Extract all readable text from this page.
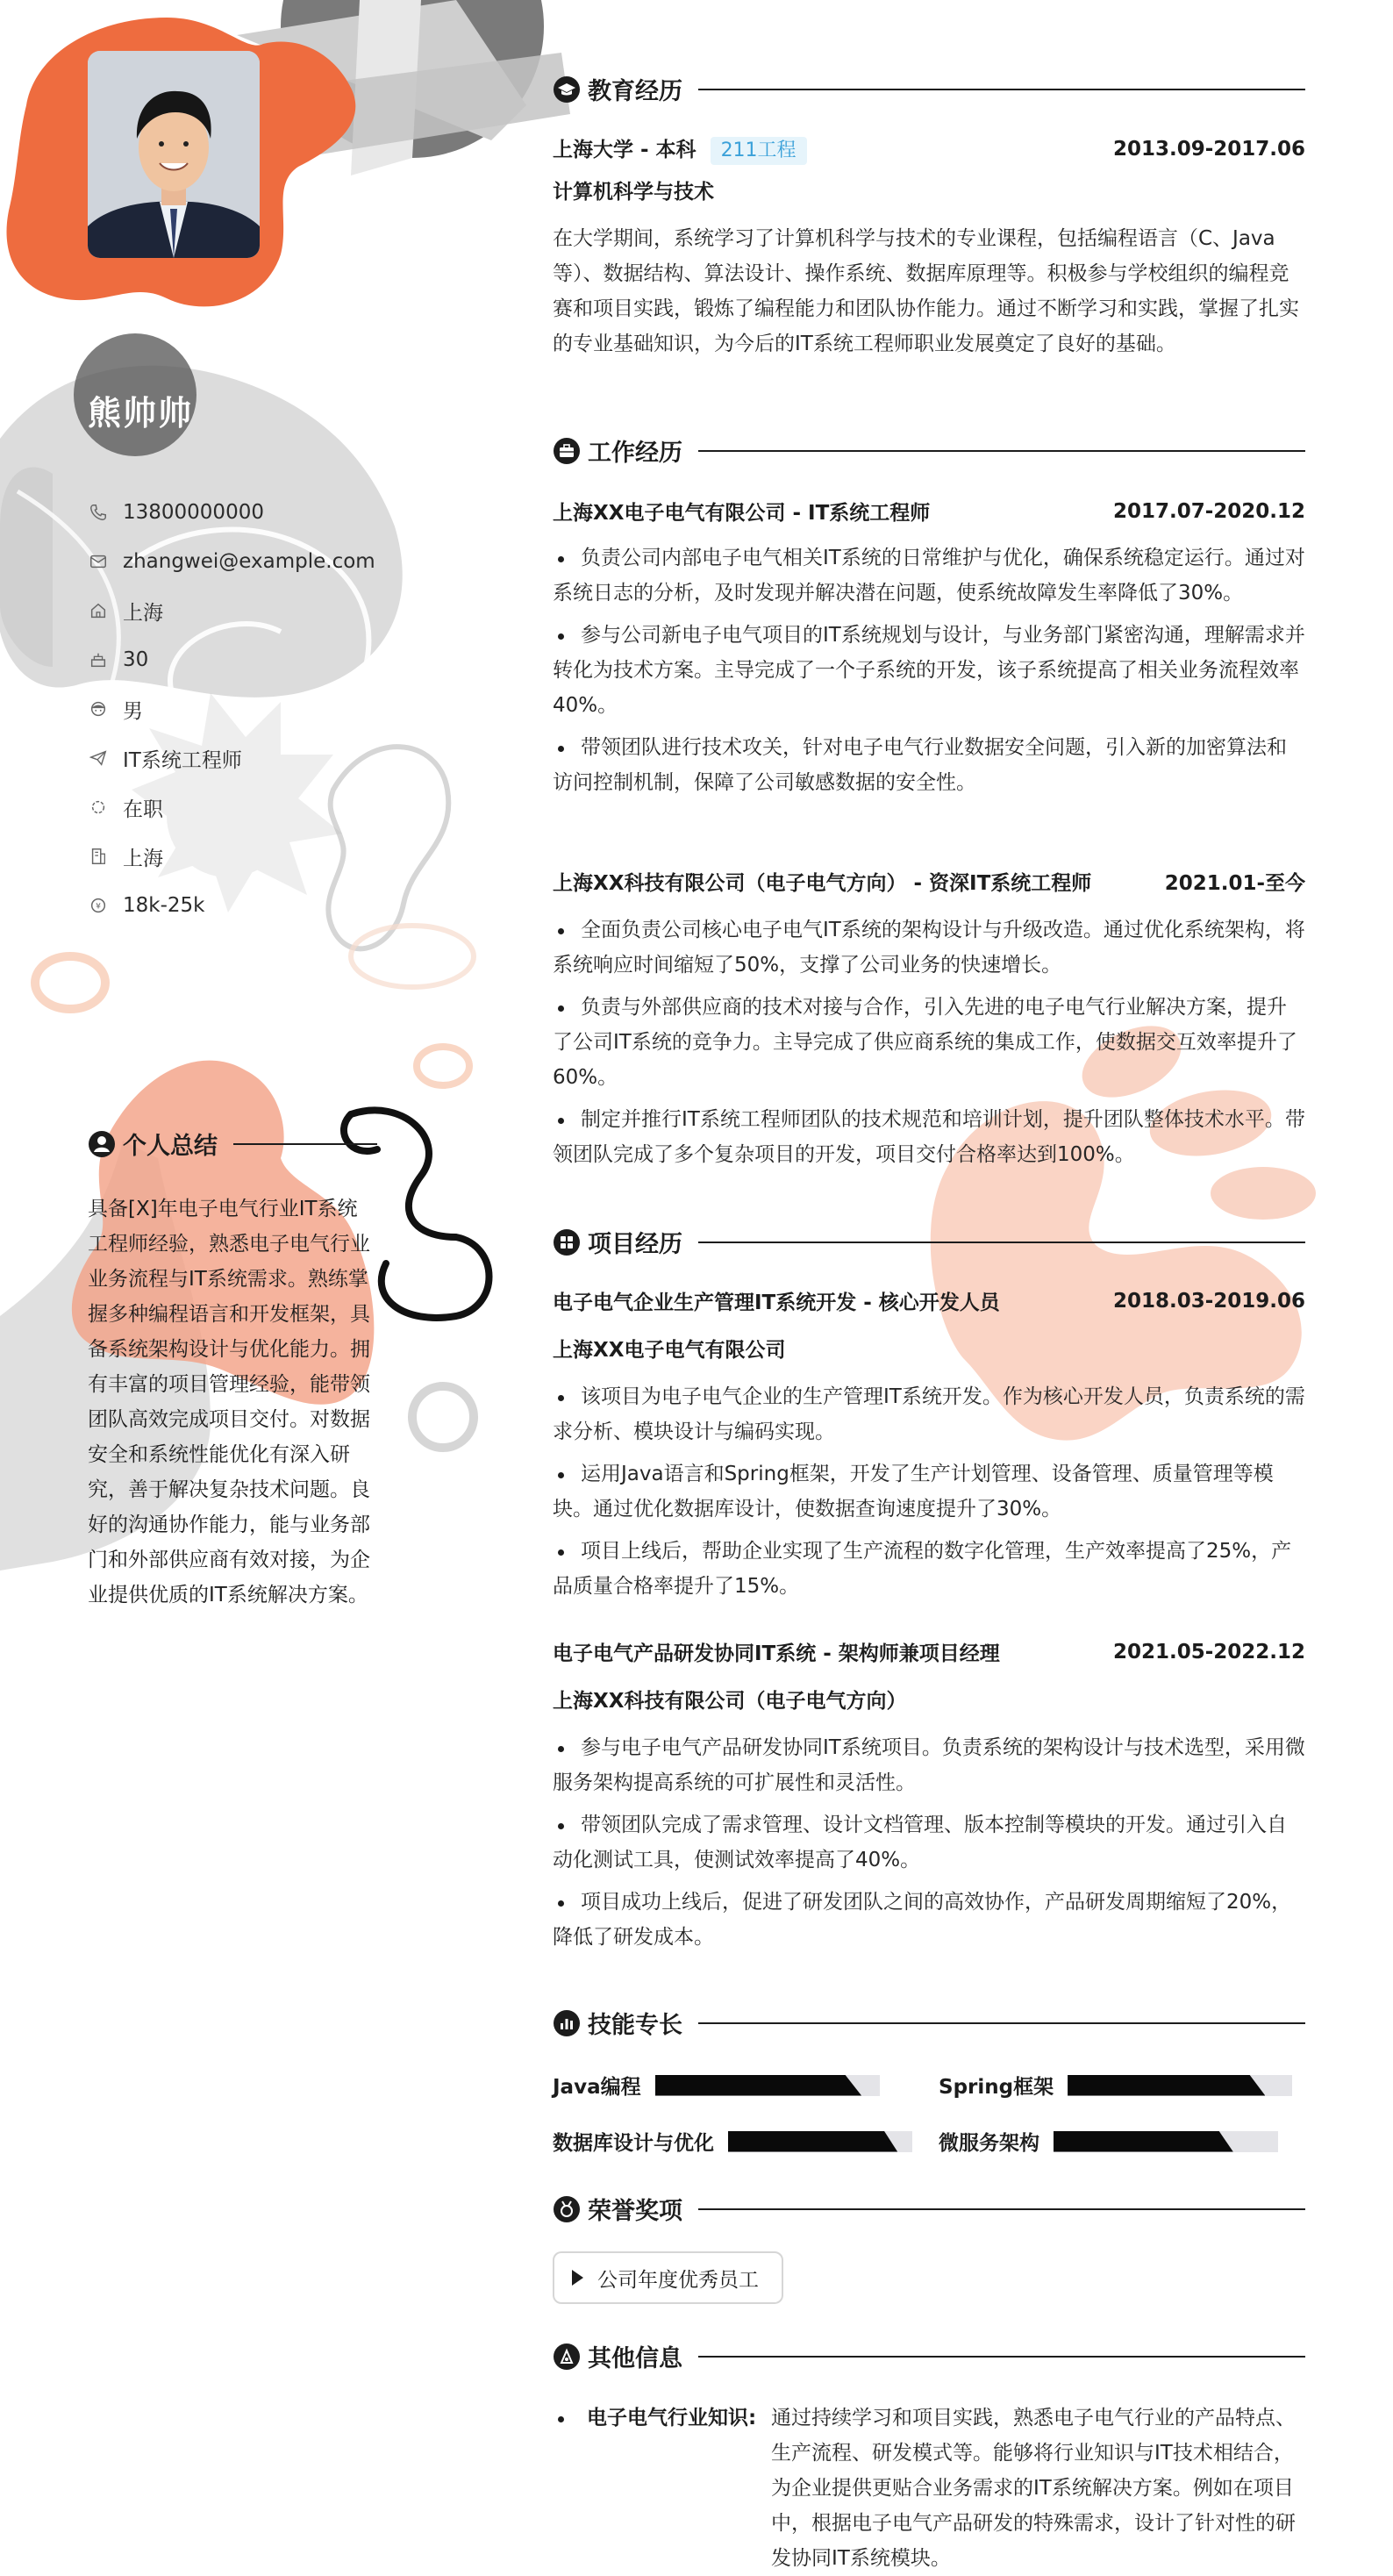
熊帅帅
13800000000
zhangwei@example.com
上海
30
男
IT系统工程师
在职
上海
¥ 18k-25k
个人总结
具备[X]年电子电气行业IT系统工程师经验，熟悉电子电气行业业务流程与IT系统需求。熟练掌握多种编程语言和开发框架，具备系统架构设计与优化能力。拥有丰富的项目管理经验，能带领团队高效完成项目交付。对数据安全和系统性能优化有深入研究，善于解决复杂技术问题。良好的沟通协作能力，能与业务部门和外部供应商有效对接，为企业提供优质的IT系统解决方案。
教育经历
上海大学 - 本科 211工程	2013.09-2017.06
计算机科学与技术
在大学期间，系统学习了计算机科学与技术的专业课程，包括编程语言（C、Java等）、数据结构、算法设计、操作系统、数据库原理等。积极参与学校组织的编程竞赛和项目实践，锻炼了编程能力和团队协作能力。通过不断学习和实践，掌握了扎实的专业基础知识，为今后的IT系统工程师职业发展奠定了良好的基础。
工作经历
上海XX电子电气有限公司 - IT系统工程师	2017.07-2020.12
负责公司内部电子电气相关IT系统的日常维护与优化，确保系统稳定运行。通过对系统日志的分析，及时发现并解决潜在问题，使系统故障发生率降低了30%。
参与公司新电子电气项目的IT系统规划与设计，与业务部门紧密沟通，理解需求并转化为技术方案。主导完成了一个子系统的开发，该子系统提高了相关业务流程效率40%。
带领团队进行技术攻关，针对电子电气行业数据安全问题，引入新的加密算法和访问控制机制，保障了公司敏感数据的安全性。
上海XX科技有限公司（电子电气方向） - 资深IT系统工程师	2021.01-至今
全面负责公司核心电子电气IT系统的架构设计与升级改造。通过优化系统架构，将系统响应时间缩短了50%，支撑了公司业务的快速增长。
负责与外部供应商的技术对接与合作，引入先进的电子电气行业解决方案，提升了公司IT系统的竞争力。主导完成了供应商系统的集成工作，使数据交互效率提升了60%。
制定并推行IT系统工程师团队的技术规范和培训计划，提升团队整体技术水平。带领团队完成了多个复杂项目的开发，项目交付合格率达到100%。
项目经历
电子电气企业生产管理IT系统开发 - 核心开发人员	2018.03-2019.06
上海XX电子电气有限公司
该项目为电子电气企业的生产管理IT系统开发。作为核心开发人员，负责系统的需求分析、模块设计与编码实现。
运用Java语言和Spring框架，开发了生产计划管理、设备管理、质量管理等模块。通过优化数据库设计，使数据查询速度提升了30%。
项目上线后，帮助企业实现了生产流程的数字化管理，生产效率提高了25%，产品质量合格率提升了15%。
电子电气产品研发协同IT系统 - 架构师兼项目经理	2021.05-2022.12
上海XX科技有限公司（电子电气方向）
参与电子电气产品研发协同IT系统项目。负责系统的架构设计与技术选型，采用微服务架构提高系统的可扩展性和灵活性。
带领团队完成了需求管理、设计文档管理、版本控制等模块的开发。通过引入自动化测试工具，使测试效率提高了40%。
项目成功上线后，促进了研发团队之间的高效协作，产品研发周期缩短了20%，降低了研发成本。
技能专长
Java编程	Spring框架
数据库设计与优化	微服务架构
荣誉奖项
公司年度优秀员工
其他信息
电子电气行业知识: 通过持续学习和项目实践，熟悉电子电气行业的产品特点、生产流程、研发模式等。能够将行业知识与IT技术相结合，为企业提供更贴合业务需求的IT系统解决方案。例如在项目中，根据电子电气产品研发的特殊需求，设计了针对性的研发协同IT系统模块。
